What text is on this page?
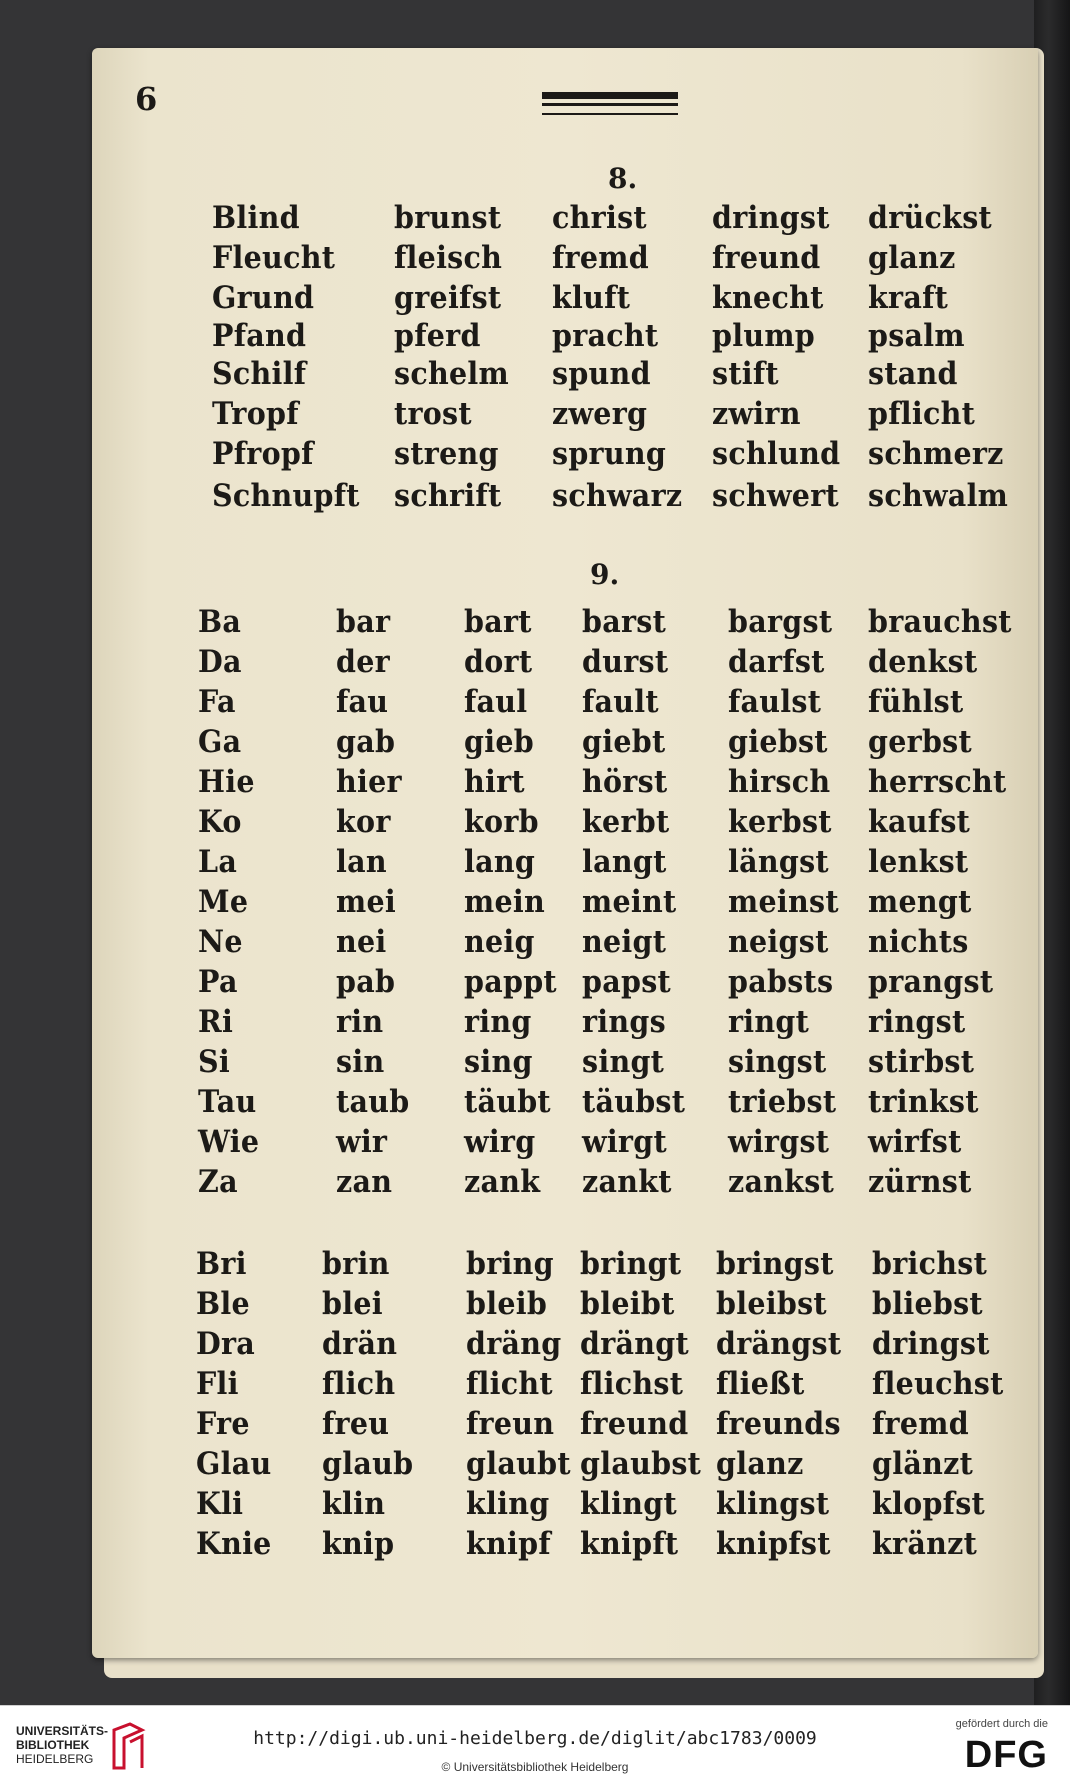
6
8.
Blind	brunst christ dringst drückst
Fleucht fleisch fremd freund glanz
Grund	greifst kluft	knecht kraft
Pfand	pferd pracht plump psalm
Schilf	schelm spund stift	stand
Tropf	trost	zwerg zwirn pflicht
Pfropf	streng sprung schlund schmerz
Schnupft schrift schwarz schwert schwalm
9.
Ba	bar bart barst bargst brauchst
Da	der dort durst darfst denkst
Fa	fau faul fault faulst fühlst
Ga	gab gieb giebt giebst gerbst
Hie	hier hirt hörst hirsch herrscht
Ko	kor korb kerbt kerbst kaufst
La	lan lang langt längst lenkst
Me	mei mein meint meinst mengt
Ne	nei neig neigt neigst nichts
Pa	pab pappt papst pabsts prangst
Ri	rin	ring rings ringt ringst
Si	sin	sing singt singst stirbst
Tau	taub täubt täubst triebst trinkst
Wie wir wirg wirgt wirgst wirfst
Za	zan zank zankt zankst zürnst
Bri brin bring bringt bringst brichst
Ble blei	bleib bleibt bleibst bliebst
Dra drän dräng drängt drängst dringst
Fli	flich flicht flichst fließt fleuchst
Fre freu freun freund freunds fremd
Glau glaub glaubt glaubst glanz glänzt
Kli	klin	kling klingt klingst klopfst
Knie knip knipf knipft knipfst kränzt
UNIVERSITÄTS-
BIBLIOTHEK
HEIDELBERG
http://digi.ub.uni-heidelberg.de/diglit/abc1783/0009
© Universitätsbibliothek Heidelberg
gefördert durch die
DFG
